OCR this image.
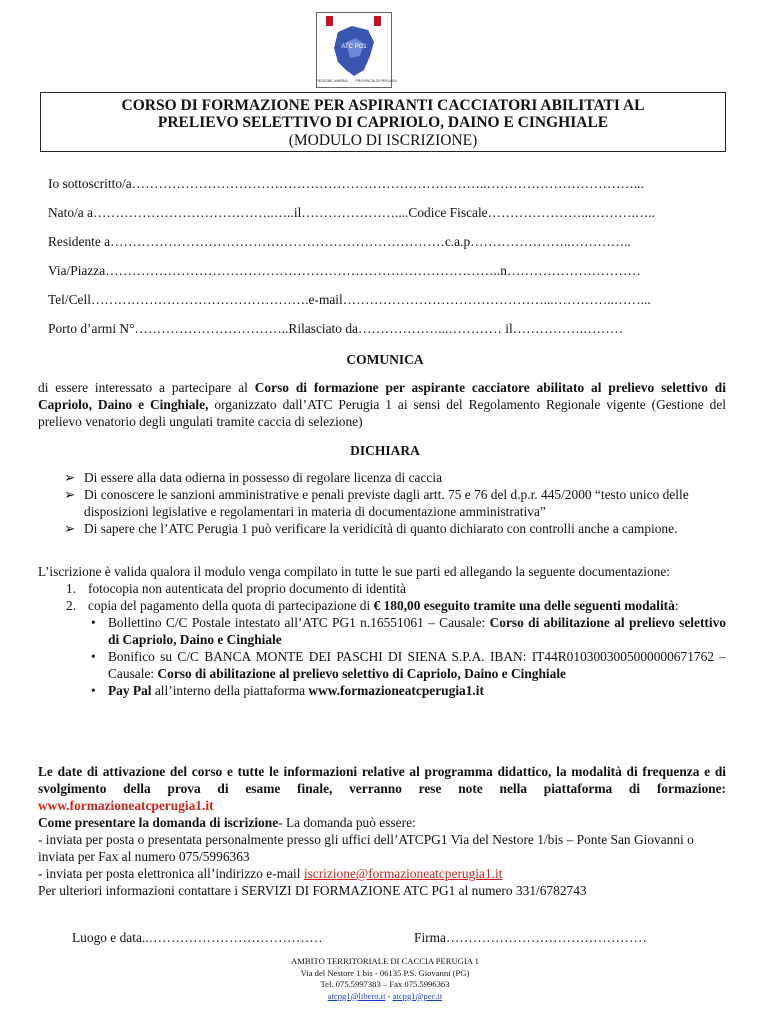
ATC PG1
REGIONE UMBRIA PROVINCIA DI PERUGIA
CORSO DI FORMAZIONE PER ASPIRANTI CACCIATORI ABILITATI AL
PRELIEVO SELETTIVO DI CAPRIOLO, DAINO E CINGHIALE
(MODULO DI ISCRIZIONE)
Io sottoscritto/a……………………………………………………………………..……………………………...
Nato/a a…………………………………..…..il…………………....Codice Fiscale…………………...……….…..
Residente a…………………………………………………………………c.a.p…………………..…………..
Via/Piazza……………………………………………………………………………..n…………………………
Tel/Cell………………………………………….e-mail………………………………………...…………..……...
Porto d’armi N°……………………………..Rilasciato da………………...………… il…………….………
COMUNICA
di essere interessato a partecipare al Corso di formazione per aspirante cacciatore abilitato al prelievo selettivo di Capriolo, Daino e Cinghiale, organizzato dall’ATC Perugia 1 ai sensi del Regolamento Regionale vigente (Gestione del prelievo venatorio degli ungulati tramite caccia di selezione)
DICHIARA
➢ Di essere alla data odierna in possesso di regolare licenza di caccia
➢ Di conoscere le sanzioni amministrative e penali previste dagli artt. 75 e 76 del d.p.r. 445/2000 “testo unico delle disposizioni legislative e regolamentari in materia di documentazione amministrativa”
➢ Di sapere che l’ATC Perugia 1 può verificare la veridicità di quanto dichiarato con controlli anche a campione.
L’iscrizione è valida qualora il modulo venga compilato in tutte le sue parti ed allegando la seguente documentazione:
1. fotocopia non autenticata del proprio documento di identità
2. copia del pagamento della quota di partecipazione di € 180,00 eseguito tramite una delle seguenti modalità:
• Bollettino C/C Postale intestato all’ATC PG1 n.16551061 – Causale: Corso di abilitazione al prelievo selettivo di Capriolo, Daino e Cinghiale
• Bonifico su C/C BANCA MONTE DEI PASCHI DI SIENA S.P.A. IBAN: IT44R0103003005000000671762 – Causale: Corso di abilitazione al prelievo selettivo di Capriolo, Daino e Cinghiale
• Pay Pal all’interno della piattaforma www.formazioneatcperugia1.it
Le date di attivazione del corso e tutte le informazioni relative al programma didattico, la modalità di frequenza e di svolgimento della prova di esame finale, verranno rese note nella piattaforma di formazione: www.formazioneatcperugia1.it
Come presentare la domanda di iscrizione- La domanda può essere:
- inviata per posta o presentata personalmente presso gli uffici dell’ATCPG1 Via del Nestore 1/bis – Ponte San Giovanni o inviata per Fax al numero 075/5996363
- inviata per posta elettronica all’indirizzo e-mail iscrizione@formazioneatcperugia1.it
Per ulteriori informazioni contattare i SERVIZI DI FORMAZIONE ATC PG1 al numero 331/6782743
Luogo e data..…………………………………	Firma………………………………………
AMBITO TERRITORIALE DI CACCIA PERUGIA 1
Via del Nestore 1 bis - 06135 P.S. Giovanni (PG)
Tel. 075.5997383 – Fax 075.5996363
atcpg1@libero.it - atcpg1@pec.it
